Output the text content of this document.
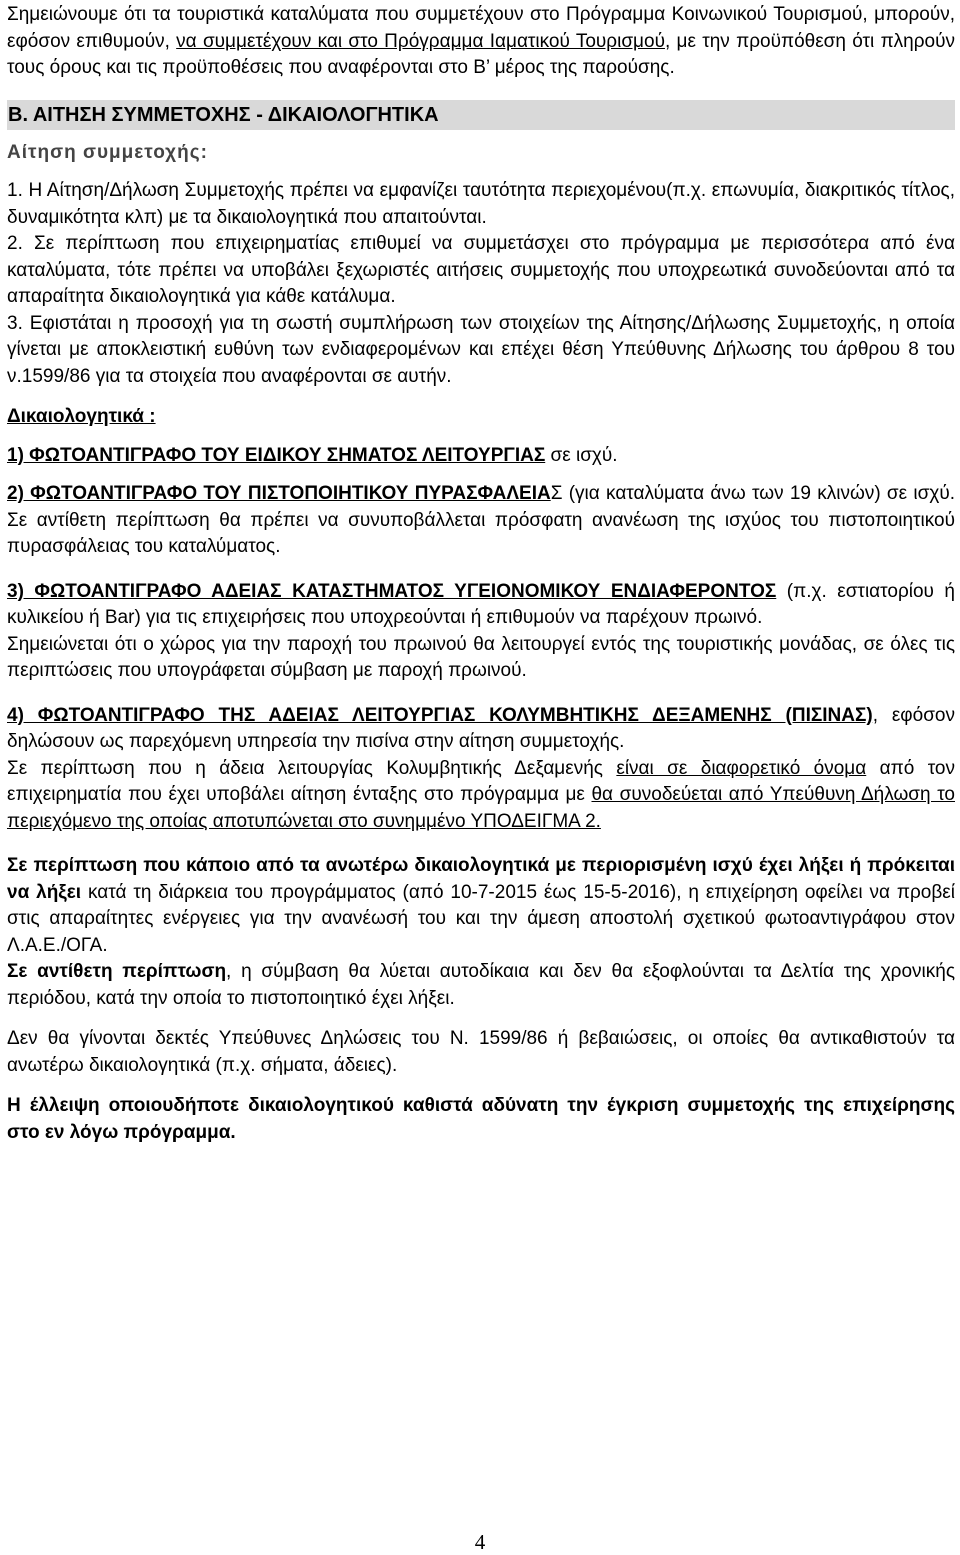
Σημειώνουμε ότι τα τουριστικά καταλύματα που συμμετέχουν στο Πρόγραμμα Κοινωνικού Τουρισμού, μπορούν, εφόσον επιθυμούν, να συμμετέχουν και στο Πρόγραμμα Ιαματικού Τουρισμού, με την προϋπόθεση ότι πληρούν τους όρους και τις προϋποθέσεις που αναφέρονται στο Β’ μέρος της παρούσης.

Β. ΑΙΤΗΣΗ ΣΥΜΜΕΤΟΧΗΣ - ΔΙΚΑΙΟΛΟΓΗΤΙΚΑ
Αίτηση συμμετοχής:

1. Η Αίτηση/Δήλωση Συμμετοχής πρέπει να εμφανίζει ταυτότητα περιεχομένου(π.χ. επωνυμία, διακριτικός τίτλος, δυναμικότητα κλπ) με τα δικαιολογητικά που απαιτούνται.

2. Σε περίπτωση που επιχειρηματίας επιθυμεί να συμμετάσχει στο πρόγραμμα με περισσότερα από ένα καταλύματα, τότε πρέπει να υποβάλει ξεχωριστές αιτήσεις συμμετοχής που υποχρεωτικά συνοδεύονται από τα απαραίτητα δικαιολογητικά για κάθε κατάλυμα.

3. Εφιστάται η προσοχή για τη σωστή συμπλήρωση των στοιχείων της Αίτησης/Δήλωσης Συμμετοχής, η οποία γίνεται με αποκλειστική ευθύνη των ενδιαφερομένων και επέχει θέση Υπεύθυνης Δήλωσης του άρθρου 8 του ν.1599/86 για τα στοιχεία που αναφέρονται σε αυτήν.

Δικαιολογητικά :

1) ΦΩΤΟΑΝΤΙΓΡΑΦΟ ΤΟΥ ΕΙΔΙΚΟΥ ΣΗΜΑΤΟΣ ΛΕΙΤΟΥΡΓΙΑΣ σε ισχύ.

2) ΦΩΤΟΑΝΤΙΓΡΑΦΟ ΤΟΥ ΠΙΣΤΟΠΟΙΗΤΙΚΟΥ ΠΥΡΑΣΦΑΛΕΙΑΣ (για καταλύματα άνω των 19 κλινών) σε ισχύ. Σε αντίθετη περίπτωση θα πρέπει να συνυποβάλλεται πρόσφατη ανανέωση της ισχύος του πιστοποιητικού πυρασφάλειας του καταλύματος.

3) ΦΩΤΟΑΝΤΙΓΡΑΦΟ ΑΔΕΙΑΣ ΚΑΤΑΣΤΗΜΑΤΟΣ ΥΓΕΙΟΝΟΜΙΚΟΥ ΕΝΔΙΑΦΕΡΟΝΤΟΣ (π.χ. εστιατορίου ή κυλικείου ή Bar) για τις επιχειρήσεις που υποχρεούνται ή επιθυμούν να παρέχουν πρωινό.

Σημειώνεται ότι ο χώρος για την παροχή του πρωινού θα λειτουργεί εντός της τουριστικής μονάδας, σε όλες τις περιπτώσεις που υπογράφεται σύμβαση με παροχή πρωινού.

4) ΦΩΤΟΑΝΤΙΓΡΑΦΟ ΤΗΣ ΑΔΕΙΑΣ ΛΕΙΤΟΥΡΓΙΑΣ ΚΟΛΥΜΒΗΤΙΚΗΣ ΔΕΞΑΜΕΝΗΣ (ΠΙΣΙΝΑΣ), εφόσον δηλώσουν ως παρεχόμενη υπηρεσία την πισίνα στην αίτηση συμμετοχής.

Σε περίπτωση που η άδεια λειτουργίας Κολυμβητικής Δεξαμενής είναι σε διαφορετικό όνομα από τον επιχειρηματία που έχει υποβάλει αίτηση ένταξης στο πρόγραμμα με θα συνοδεύεται από Υπεύθυνη Δήλωση το περιεχόμενο της οποίας αποτυπώνεται στο συνημμένο ΥΠΟΔΕΙΓΜΑ 2.

Σε περίπτωση που κάποιο από τα ανωτέρω δικαιολογητικά με περιορισμένη ισχύ έχει λήξει ή πρόκειται να λήξει κατά τη διάρκεια του προγράμματος (από 10-7-2015 έως 15-5-2016), η επιχείρηση οφείλει να προβεί στις απαραίτητες ενέργειες για την ανανέωσή του και την άμεση αποστολή σχετικού φωτοαντιγράφου στον Λ.Α.Ε./ΟΓΑ.

Σε αντίθετη περίπτωση, η σύμβαση θα λύεται αυτοδίκαια και δεν θα εξοφλούνται τα Δελτία της χρονικής περιόδου, κατά την οποία το πιστοποιητικό έχει λήξει.

Δεν θα γίνονται δεκτές Υπεύθυνες Δηλώσεις του Ν. 1599/86 ή βεβαιώσεις, οι οποίες θα αντικαθιστούν τα ανωτέρω δικαιολογητικά (π.χ. σήματα, άδειες).

Η έλλειψη οποιουδήποτε δικαιολογητικού καθιστά αδύνατη την έγκριση συμμετοχής της επιχείρησης στο εν λόγω πρόγραμμα.

4
